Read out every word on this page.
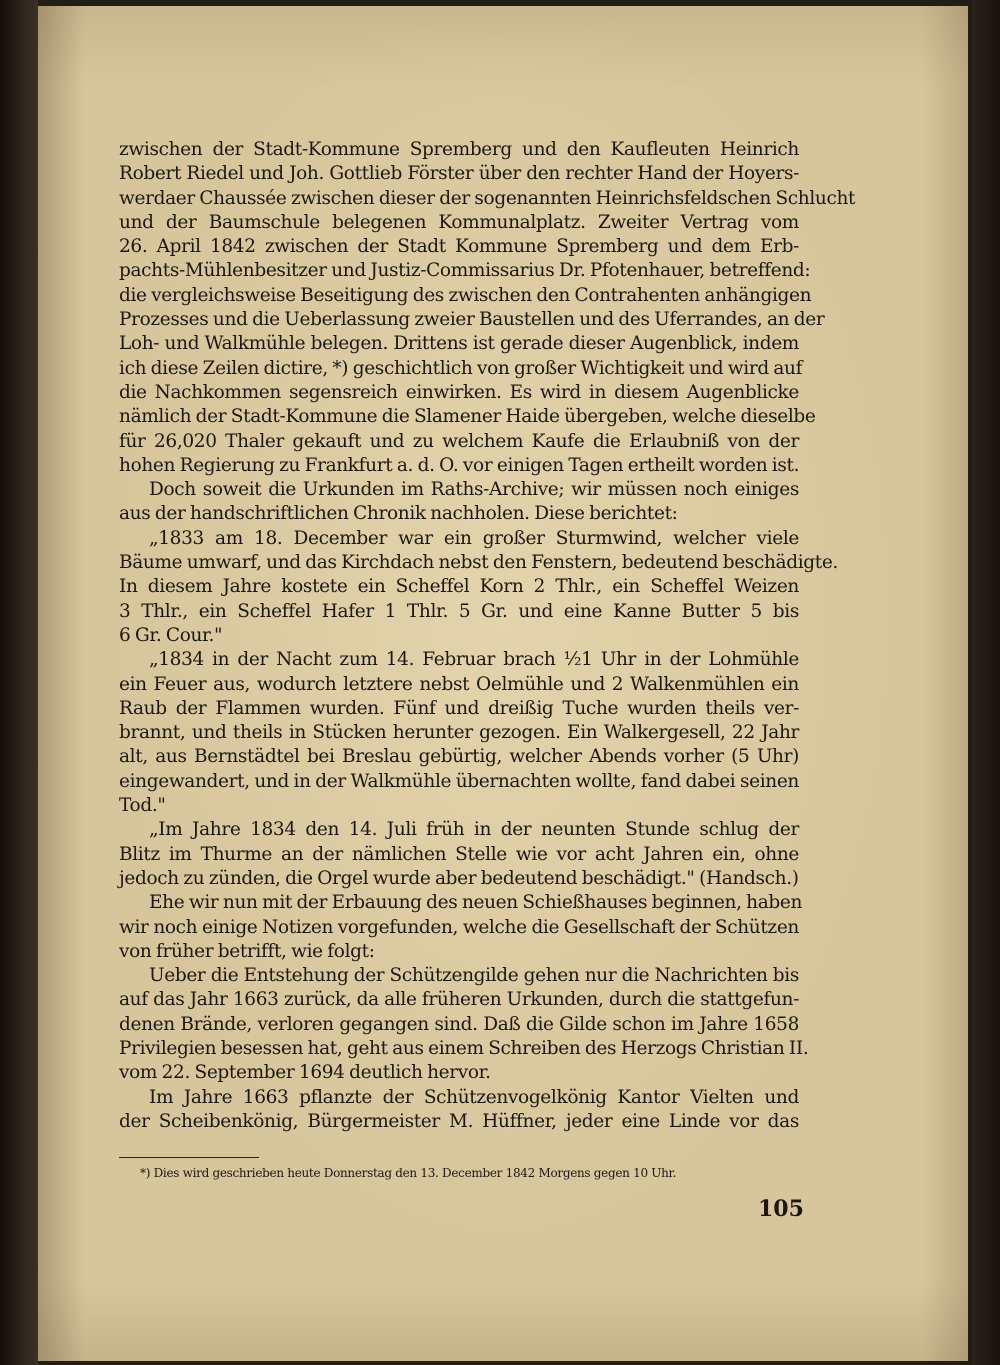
zwischen der Stadt-Kommune Spremberg und den Kaufleuten Heinrich
Robert Riedel und Joh. Gottlieb Förster über den rechter Hand der Hoyers-
werdaer Chaussée zwischen dieser der sogenannten Heinrichsfeldschen Schlucht
und der Baumschule belegenen Kommunalplatz. Zweiter Vertrag vom
26. April 1842 zwischen der Stadt Kommune Spremberg und dem Erb-
pachts-Mühlenbesitzer und Justiz-Commissarius Dr. Pfotenhauer, betreffend:
die vergleichsweise Beseitigung des zwischen den Contrahenten anhängigen
Prozesses und die Ueberlassung zweier Baustellen und des Uferrandes, an der
Loh- und Walkmühle belegen. Drittens ist gerade dieser Augenblick, indem
ich diese Zeilen dictire, *) geschichtlich von großer Wichtigkeit und wird auf
die Nachkommen segensreich einwirken. Es wird in diesem Augenblicke
nämlich der Stadt-Kommune die Slamener Haide übergeben, welche dieselbe
für 26,020 Thaler gekauft und zu welchem Kaufe die Erlaubniß von der
hohen Regierung zu Frankfurt a. d. O. vor einigen Tagen ertheilt worden ist.
Doch soweit die Urkunden im Raths-Archive; wir müssen noch einiges
aus der handschriftlichen Chronik nachholen. Diese berichtet:
„1833 am 18. December war ein großer Sturmwind, welcher viele
Bäume umwarf, und das Kirchdach nebst den Fenstern, bedeutend beschädigte.
In diesem Jahre kostete ein Scheffel Korn 2 Thlr., ein Scheffel Weizen
3 Thlr., ein Scheffel Hafer 1 Thlr. 5 Gr. und eine Kanne Butter 5 bis
6 Gr. Cour."
„1834 in der Nacht zum 14. Februar brach ½1 Uhr in der Lohmühle
ein Feuer aus, wodurch letztere nebst Oelmühle und 2 Walkenmühlen ein
Raub der Flammen wurden. Fünf und dreißig Tuche wurden theils ver-
brannt, und theils in Stücken herunter gezogen. Ein Walkergesell, 22 Jahr
alt, aus Bernstädtel bei Breslau gebürtig, welcher Abends vorher (5 Uhr)
eingewandert, und in der Walkmühle übernachten wollte, fand dabei seinen
Tod."
„Im Jahre 1834 den 14. Juli früh in der neunten Stunde schlug der
Blitz im Thurme an der nämlichen Stelle wie vor acht Jahren ein, ohne
jedoch zu zünden, die Orgel wurde aber bedeutend beschädigt." (Handsch.)
Ehe wir nun mit der Erbauung des neuen Schießhauses beginnen, haben
wir noch einige Notizen vorgefunden, welche die Gesellschaft der Schützen
von früher betrifft, wie folgt:
Ueber die Entstehung der Schützengilde gehen nur die Nachrichten bis
auf das Jahr 1663 zurück, da alle früheren Urkunden, durch die stattgefun-
denen Brände, verloren gegangen sind. Daß die Gilde schon im Jahre 1658
Privilegien besessen hat, geht aus einem Schreiben des Herzogs Christian II.
vom 22. September 1694 deutlich hervor.
Im Jahre 1663 pflanzte der Schützenvogelkönig Kantor Vielten und
der Scheibenkönig, Bürgermeister M. Hüffner, jeder eine Linde vor das
*) Dies wird geschrieben heute Donnerstag den 13. December 1842 Morgens gegen 10 Uhr.
105
